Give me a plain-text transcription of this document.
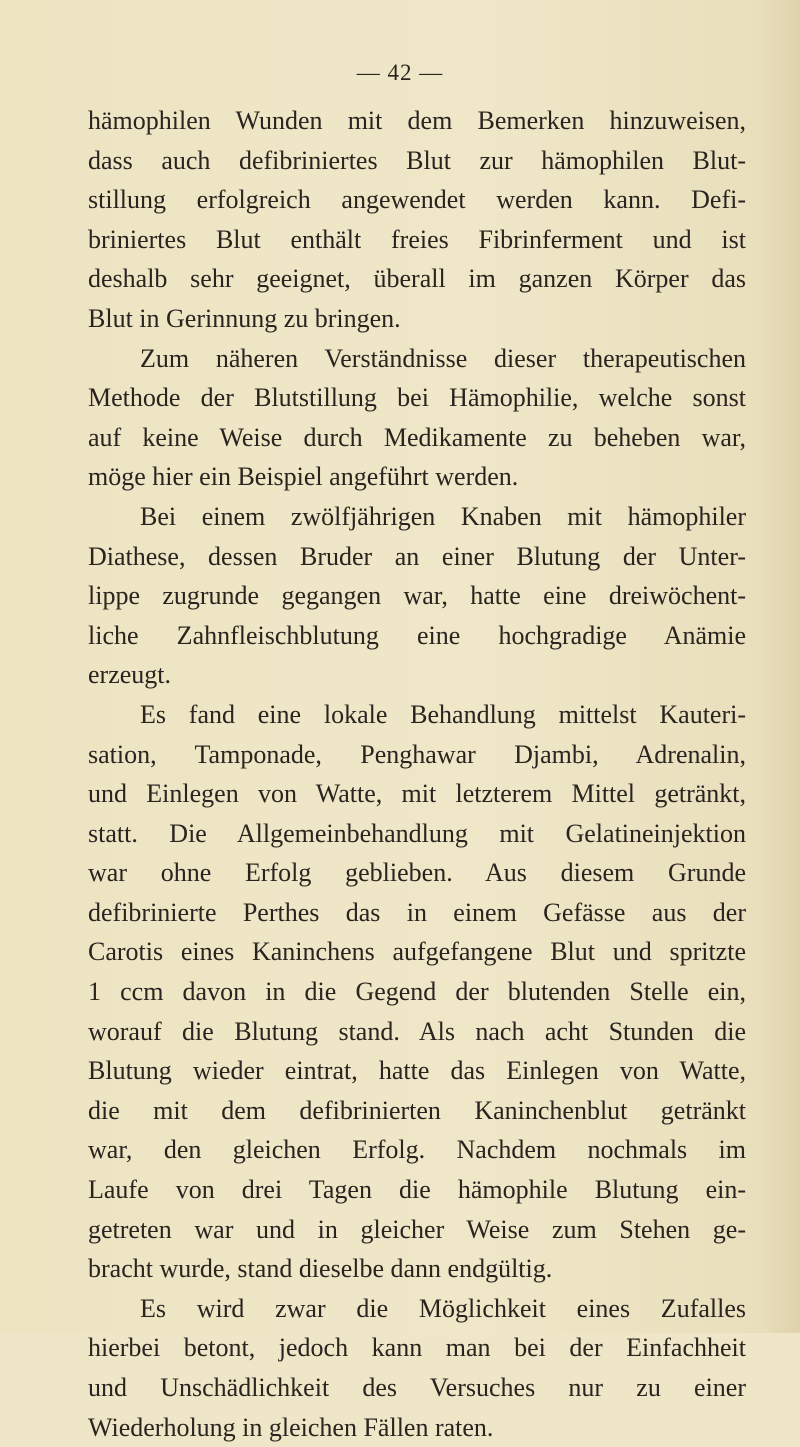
— 42 —
hämophilen Wunden mit dem Bemerken hinzuweisen,
dass auch defibriniertes Blut zur hämophilen Blut-
stillung erfolgreich angewendet werden kann. Defi-
briniertes Blut enthält freies Fibrinferment und ist
deshalb sehr geeignet, überall im ganzen Körper das
Blut in Gerinnung zu bringen.
Zum näheren Verständnisse dieser therapeutischen
Methode der Blutstillung bei Hämophilie, welche sonst
auf keine Weise durch Medikamente zu beheben war,
möge hier ein Beispiel angeführt werden.
Bei einem zwölfjährigen Knaben mit hämophiler
Diathese, dessen Bruder an einer Blutung der Unter-
lippe zugrunde gegangen war, hatte eine dreiwöchent-
liche Zahnfleischblutung eine hochgradige Anämie
erzeugt.
Es fand eine lokale Behandlung mittelst Kauteri-
sation, Tamponade, Penghawar Djambi, Adrenalin,
und Einlegen von Watte, mit letzterem Mittel getränkt,
statt. Die Allgemeinbehandlung mit Gelatineinjektion
war ohne Erfolg geblieben. Aus diesem Grunde
defibrinierte Perthes das in einem Gefässe aus der
Carotis eines Kaninchens aufgefangene Blut und spritzte
1 ccm davon in die Gegend der blutenden Stelle ein,
worauf die Blutung stand. Als nach acht Stunden die
Blutung wieder eintrat, hatte das Einlegen von Watte,
die mit dem defibrinierten Kaninchenblut getränkt
war, den gleichen Erfolg. Nachdem nochmals im
Laufe von drei Tagen die hämophile Blutung ein-
getreten war und in gleicher Weise zum Stehen ge-
bracht wurde, stand dieselbe dann endgültig.
Es wird zwar die Möglichkeit eines Zufalles
hierbei betont, jedoch kann man bei der Einfachheit
und Unschädlichkeit des Versuches nur zu einer
Wiederholung in gleichen Fällen raten.
